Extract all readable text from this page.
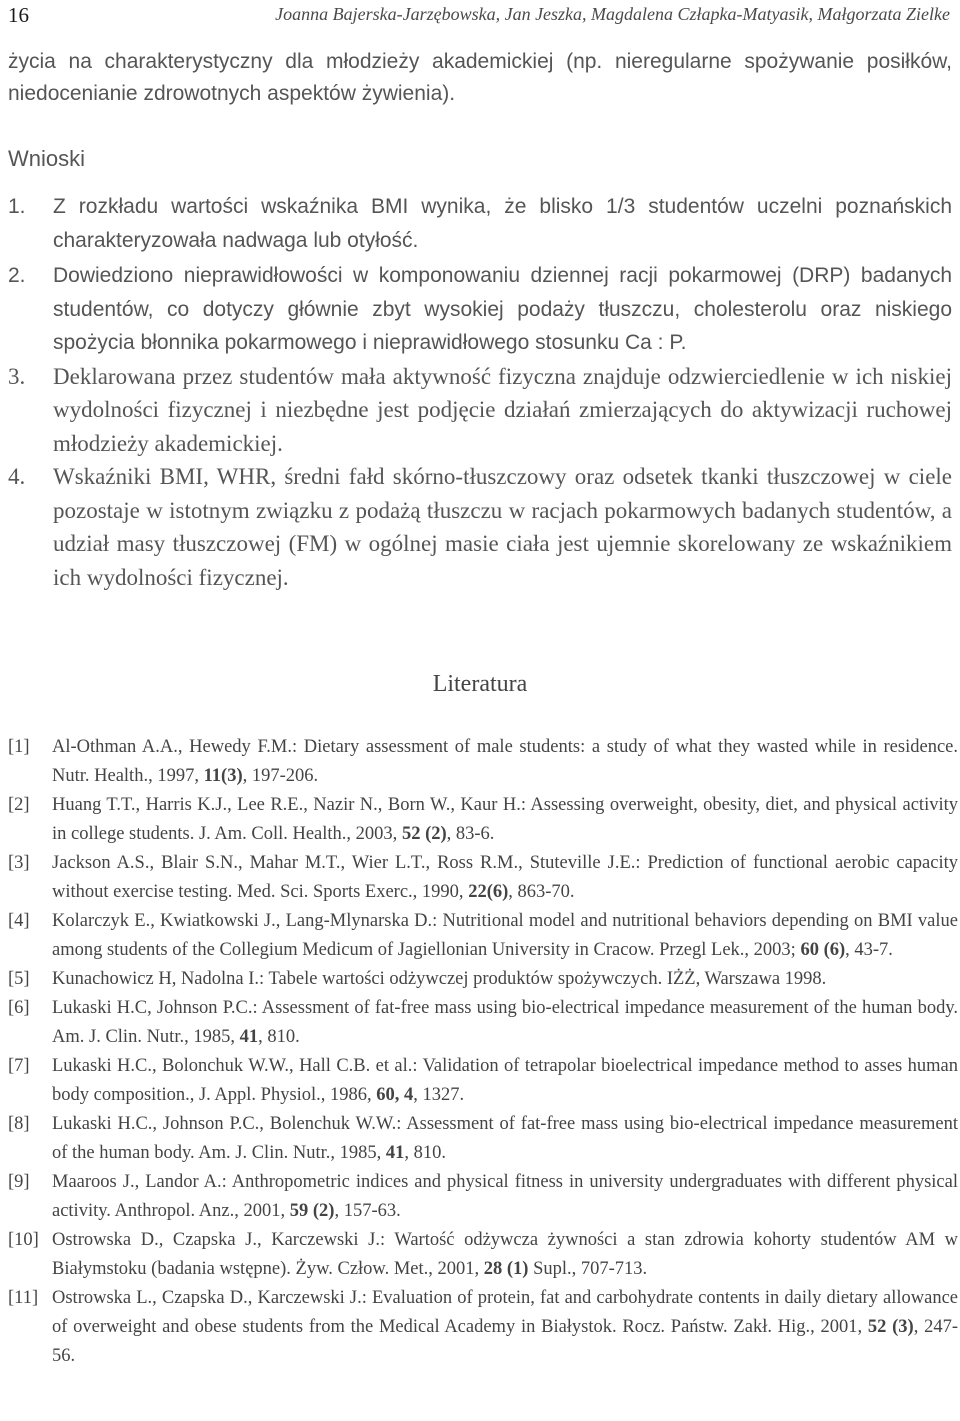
16	Joanna Bajerska-Jarzębowska, Jan Jeszka, Magdalena Człapka-Matyasik, Małgorzata Zielke
życia na charakterystyczny dla młodzieży akademickiej (np. nieregularne spożywanie posiłków, niedocenianie zdrowotnych aspektów żywienia).
Wnioski
1.	Z rozkładu wartości wskaźnika BMI wynika, że blisko 1/3 studentów uczelni poznańskich charakteryzowała nadwaga lub otyłość.
2.	Dowiedziono nieprawidłowości w komponowaniu dziennej racji pokarmowej (DRP) badanych studentów, co dotyczy głównie zbyt wysokiej podaży tłuszczu, cholesterolu oraz niskiego spożycia błonnika pokarmowego i nieprawidłowego stosunku Ca : P.
3.	Deklarowana przez studentów mała aktywność fizyczna znajduje odzwierciedlenie w ich niskiej wydolności fizycznej i niezbędne jest podjęcie działań zmierzających do aktywizacji ruchowej młodzieży akademickiej.
4.	Wskaźniki BMI, WHR, średni fałd skórno-tłuszczowy oraz odsetek tkanki tłuszczowej w ciele pozostaje w istotnym związku z podażą tłuszczu w racjach pokarmowych badanych studentów, a udział masy tłuszczowej (FM) w ogólnej masie ciała jest ujemnie skorelowany ze wskaźnikiem ich wydolności fizycznej.
Literatura
[1]	Al-Othman A.A., Hewedy F.M.: Dietary assessment of male students: a study of what they wasted while in residence. Nutr. Health., 1997, 11(3), 197-206.
[2]	Huang T.T., Harris K.J., Lee R.E., Nazir N., Born W., Kaur H.: Assessing overweight, obesity, diet, and physical activity in college students. J. Am. Coll. Health., 2003, 52 (2), 83-6.
[3]	Jackson A.S., Blair S.N., Mahar M.T., Wier L.T., Ross R.M., Stuteville J.E.: Prediction of functional aerobic capacity without exercise testing. Med. Sci. Sports Exerc., 1990, 22(6), 863-70.
[4]	Kolarczyk E., Kwiatkowski J., Lang-Mlynarska D.: Nutritional model and nutritional behaviors depending on BMI value among students of the Collegium Medicum of Jagiellonian University in Cracow. Przegl Lek., 2003; 60 (6), 43-7.
[5]	Kunachowicz H, Nadolna I.: Tabele wartości odżywczej produktów spożywczych. IŻŻ, Warszawa 1998.
[6]	Lukaski H.C, Johnson P.C.: Assessment of fat-free mass using bio-electrical impedance measurement of the human body. Am. J. Clin. Nutr., 1985, 41, 810.
[7]	Lukaski H.C., Bolonchuk W.W., Hall C.B. et al.: Validation of tetrapolar bioelectrical impedance method to asses human body composition., J. Appl. Physiol., 1986, 60, 4, 1327.
[8]	Lukaski H.C., Johnson P.C., Bolenchuk W.W.: Assessment of fat-free mass using bio-electrical impedance measurement of the human body. Am. J. Clin. Nutr., 1985, 41, 810.
[9]	Maaroos J., Landor A.: Anthropometric indices and physical fitness in university undergraduates with different physical activity. Anthropol. Anz., 2001, 59 (2), 157-63.
[10] Ostrowska D., Czapska J., Karczewski J.: Wartość odżywcza żywności a stan zdrowia kohorty studentów AM w Białymstoku (badania wstępne). Żyw. Człow. Met., 2001, 28 (1) Supl., 707-713.
[11] Ostrowska L., Czapska D., Karczewski J.: Evaluation of protein, fat and carbohydrate contents in daily dietary allowance of overweight and obese students from the Medical Academy in Białystok. Rocz. Państw. Zakł. Hig., 2001, 52 (3), 247-56.
